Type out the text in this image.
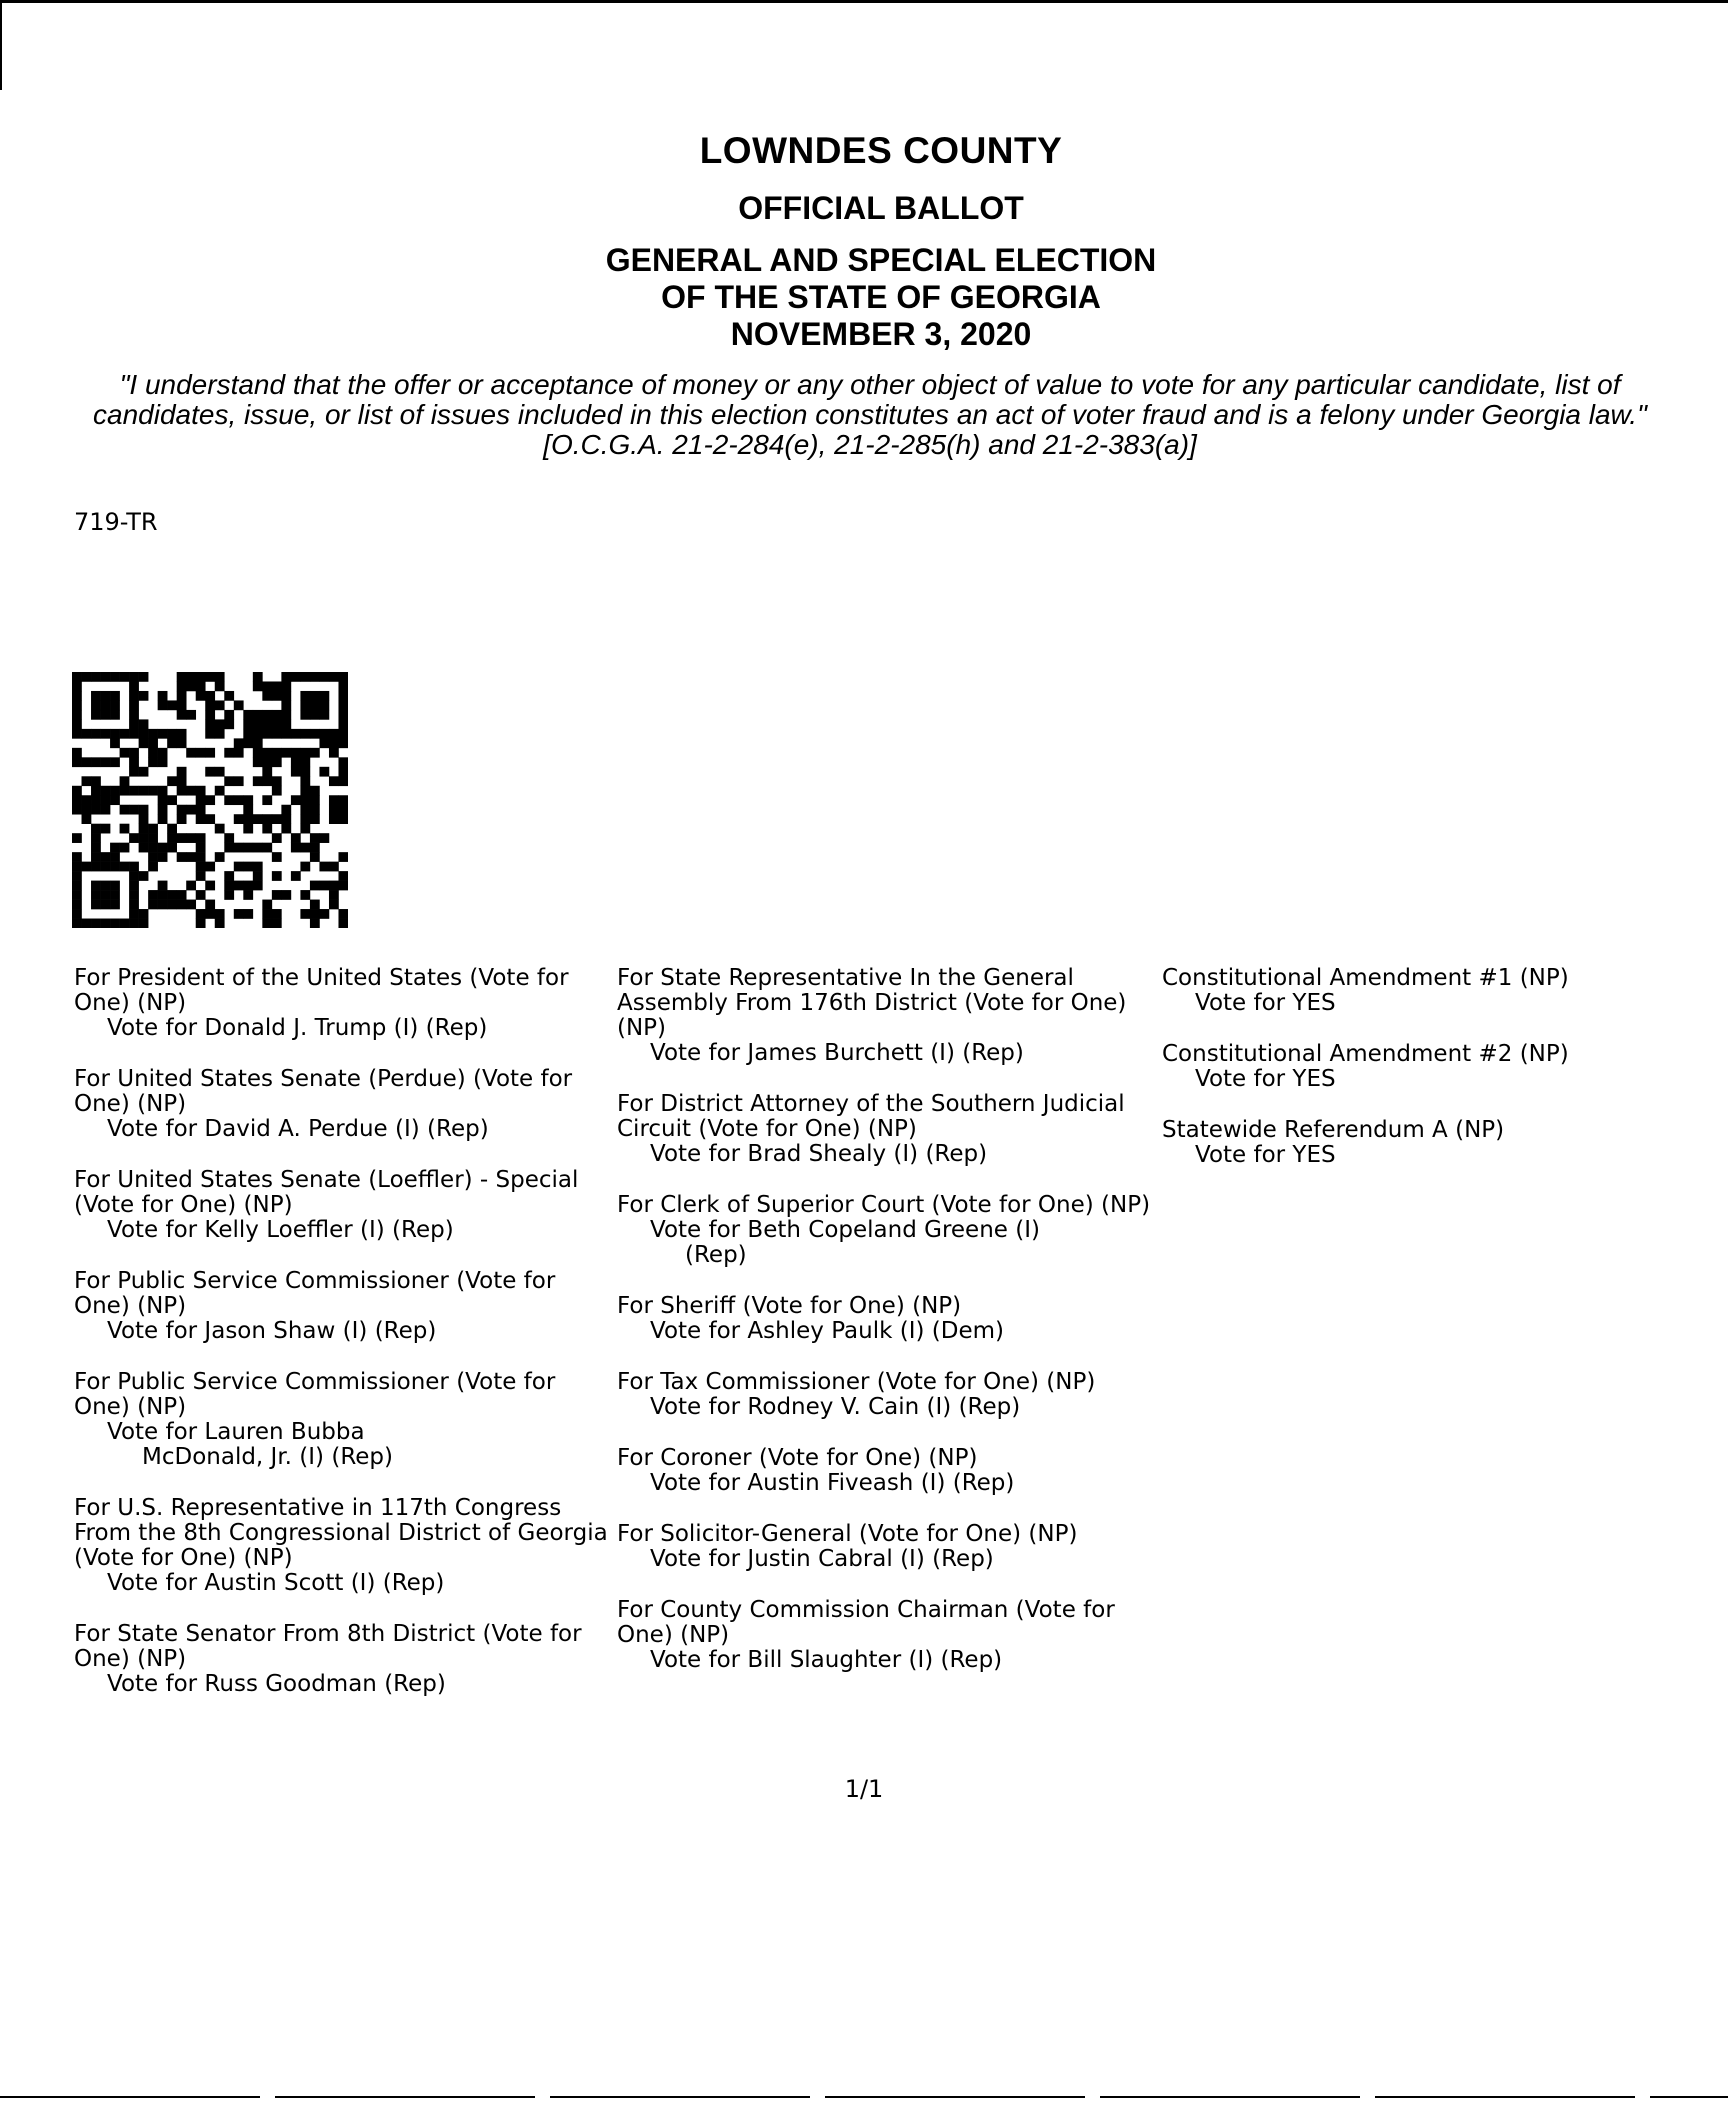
LOWNDES COUNTY
OFFICIAL BALLOT
GENERAL AND SPECIAL ELECTION
OF THE STATE OF GEORGIA
NOVEMBER 3, 2020
"I understand that the offer or acceptance of money or any other object of value to vote for any particular candidate, list of candidates, issue, or list of issues included in this election constitutes an act of voter fraud and is a felony under Georgia law." [O.C.G.A. 21-2-284(e), 21-2-285(h) and 21-2-383(a)]
719-TR
For President of the United States (Vote for One) (NP)
Vote for Donald J. Trump (I) (Rep)
For United States Senate (Perdue) (Vote for One) (NP)
Vote for David A. Perdue (I) (Rep)
For United States Senate (Loeffler) - Special (Vote for One) (NP)
Vote for Kelly Loeffler (I) (Rep)
For Public Service Commissioner (Vote for One) (NP)
Vote for Jason Shaw (I) (Rep)
For Public Service Commissioner (Vote for One) (NP)
Vote for Lauren Bubba
McDonald, Jr. (I) (Rep)
For U.S. Representative in 117th Congress From the 8th Congressional District of Georgia (Vote for One) (NP)
Vote for Austin Scott (I) (Rep)
For State Senator From 8th District (Vote for One) (NP)
Vote for Russ Goodman (Rep)
For State Representative In the General Assembly From 176th District (Vote for One) (NP)
Vote for James Burchett (I) (Rep)
For District Attorney of the Southern Judicial Circuit (Vote for One) (NP)
Vote for Brad Shealy (I) (Rep)
For Clerk of Superior Court (Vote for One) (NP)
Vote for Beth Copeland Greene (I)
(Rep)
For Sheriff (Vote for One) (NP)
Vote for Ashley Paulk (I) (Dem)
For Tax Commissioner (Vote for One) (NP)
Vote for Rodney V. Cain (I) (Rep)
For Coroner (Vote for One) (NP)
Vote for Austin Fiveash (I) (Rep)
For Solicitor-General (Vote for One) (NP)
Vote for Justin Cabral (I) (Rep)
For County Commission Chairman (Vote for One) (NP)
Vote for Bill Slaughter (I) (Rep)
Constitutional Amendment #1 (NP)
Vote for YES
Constitutional Amendment #2 (NP)
Vote for YES
Statewide Referendum A (NP)
Vote for YES
1/1
